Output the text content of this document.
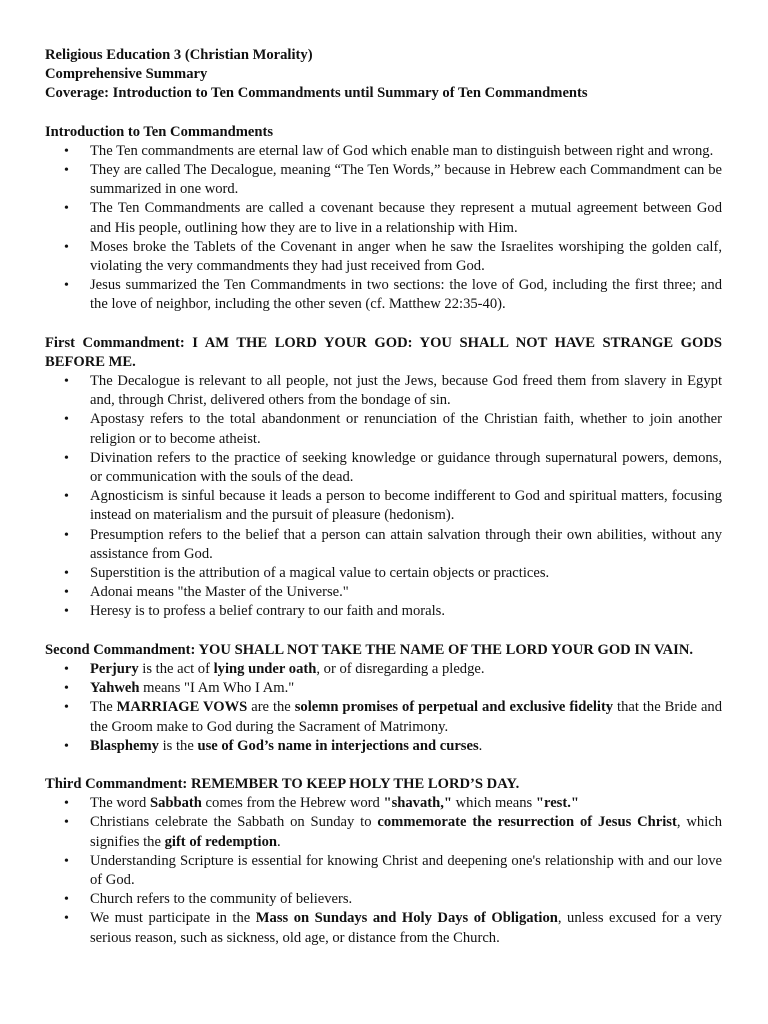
Religious Education 3 (Christian Morality)

Comprehensive Summary

Coverage: Introduction to Ten Commandments until Summary of Ten Commandments

Introduction to Ten Commandments

• The Ten commandments are eternal law of God which enable man to distinguish between right and wrong.
• They are called The Decalogue, meaning “The Ten Words,” because in Hebrew each Commandment can be summarized in one word.
• The Ten Commandments are called a covenant because they represent a mutual agreement between God and His people, outlining how they are to live in a relationship with Him.
• Moses broke the Tablets of the Covenant in anger when he saw the Israelites worshiping the golden calf, violating the very commandments they had just received from God.
• Jesus summarized the Ten Commandments in two sections: the love of God, including the first three; and the love of neighbor, including the other seven (cf. Matthew 22:35-40).

First Commandment: I AM THE LORD YOUR GOD: YOU SHALL NOT HAVE STRANGE GODS BEFORE ME.

• The Decalogue is relevant to all people, not just the Jews, because God freed them from slavery in Egypt and, through Christ, delivered others from the bondage of sin.
• Apostasy refers to the total abandonment or renunciation of the Christian faith, whether to join another religion or to become atheist.
• Divination refers to the practice of seeking knowledge or guidance through supernatural powers, demons, or communication with the souls of the dead.
• Agnosticism is sinful because it leads a person to become indifferent to God and spiritual matters, focusing instead on materialism and the pursuit of pleasure (hedonism).
• Presumption refers to the belief that a person can attain salvation through their own abilities, without any assistance from God.
• Superstition is the attribution of a magical value to certain objects or practices.
• Adonai means "the Master of the Universe."
• Heresy is to profess a belief contrary to our faith and morals.

Second Commandment: YOU SHALL NOT TAKE THE NAME OF THE LORD YOUR GOD IN VAIN.

• Perjury is the act of lying under oath, or of disregarding a pledge.
• Yahweh means "I Am Who I Am."
• The MARRIAGE VOWS are the solemn promises of perpetual and exclusive fidelity that the Bride and the Groom make to God during the Sacrament of Matrimony.
• Blasphemy is the use of God’s name in interjections and curses.

Third Commandment: REMEMBER TO KEEP HOLY THE LORD’S DAY.

• The word Sabbath comes from the Hebrew word "shavath," which means "rest."
• Christians celebrate the Sabbath on Sunday to commemorate the resurrection of Jesus Christ, which signifies the gift of redemption.
• Understanding Scripture is essential for knowing Christ and deepening one's relationship with and our love of God.
• Church refers to the community of believers.
• We must participate in the Mass on Sundays and Holy Days of Obligation, unless excused for a very serious reason, such as sickness, old age, or distance from the Church.
